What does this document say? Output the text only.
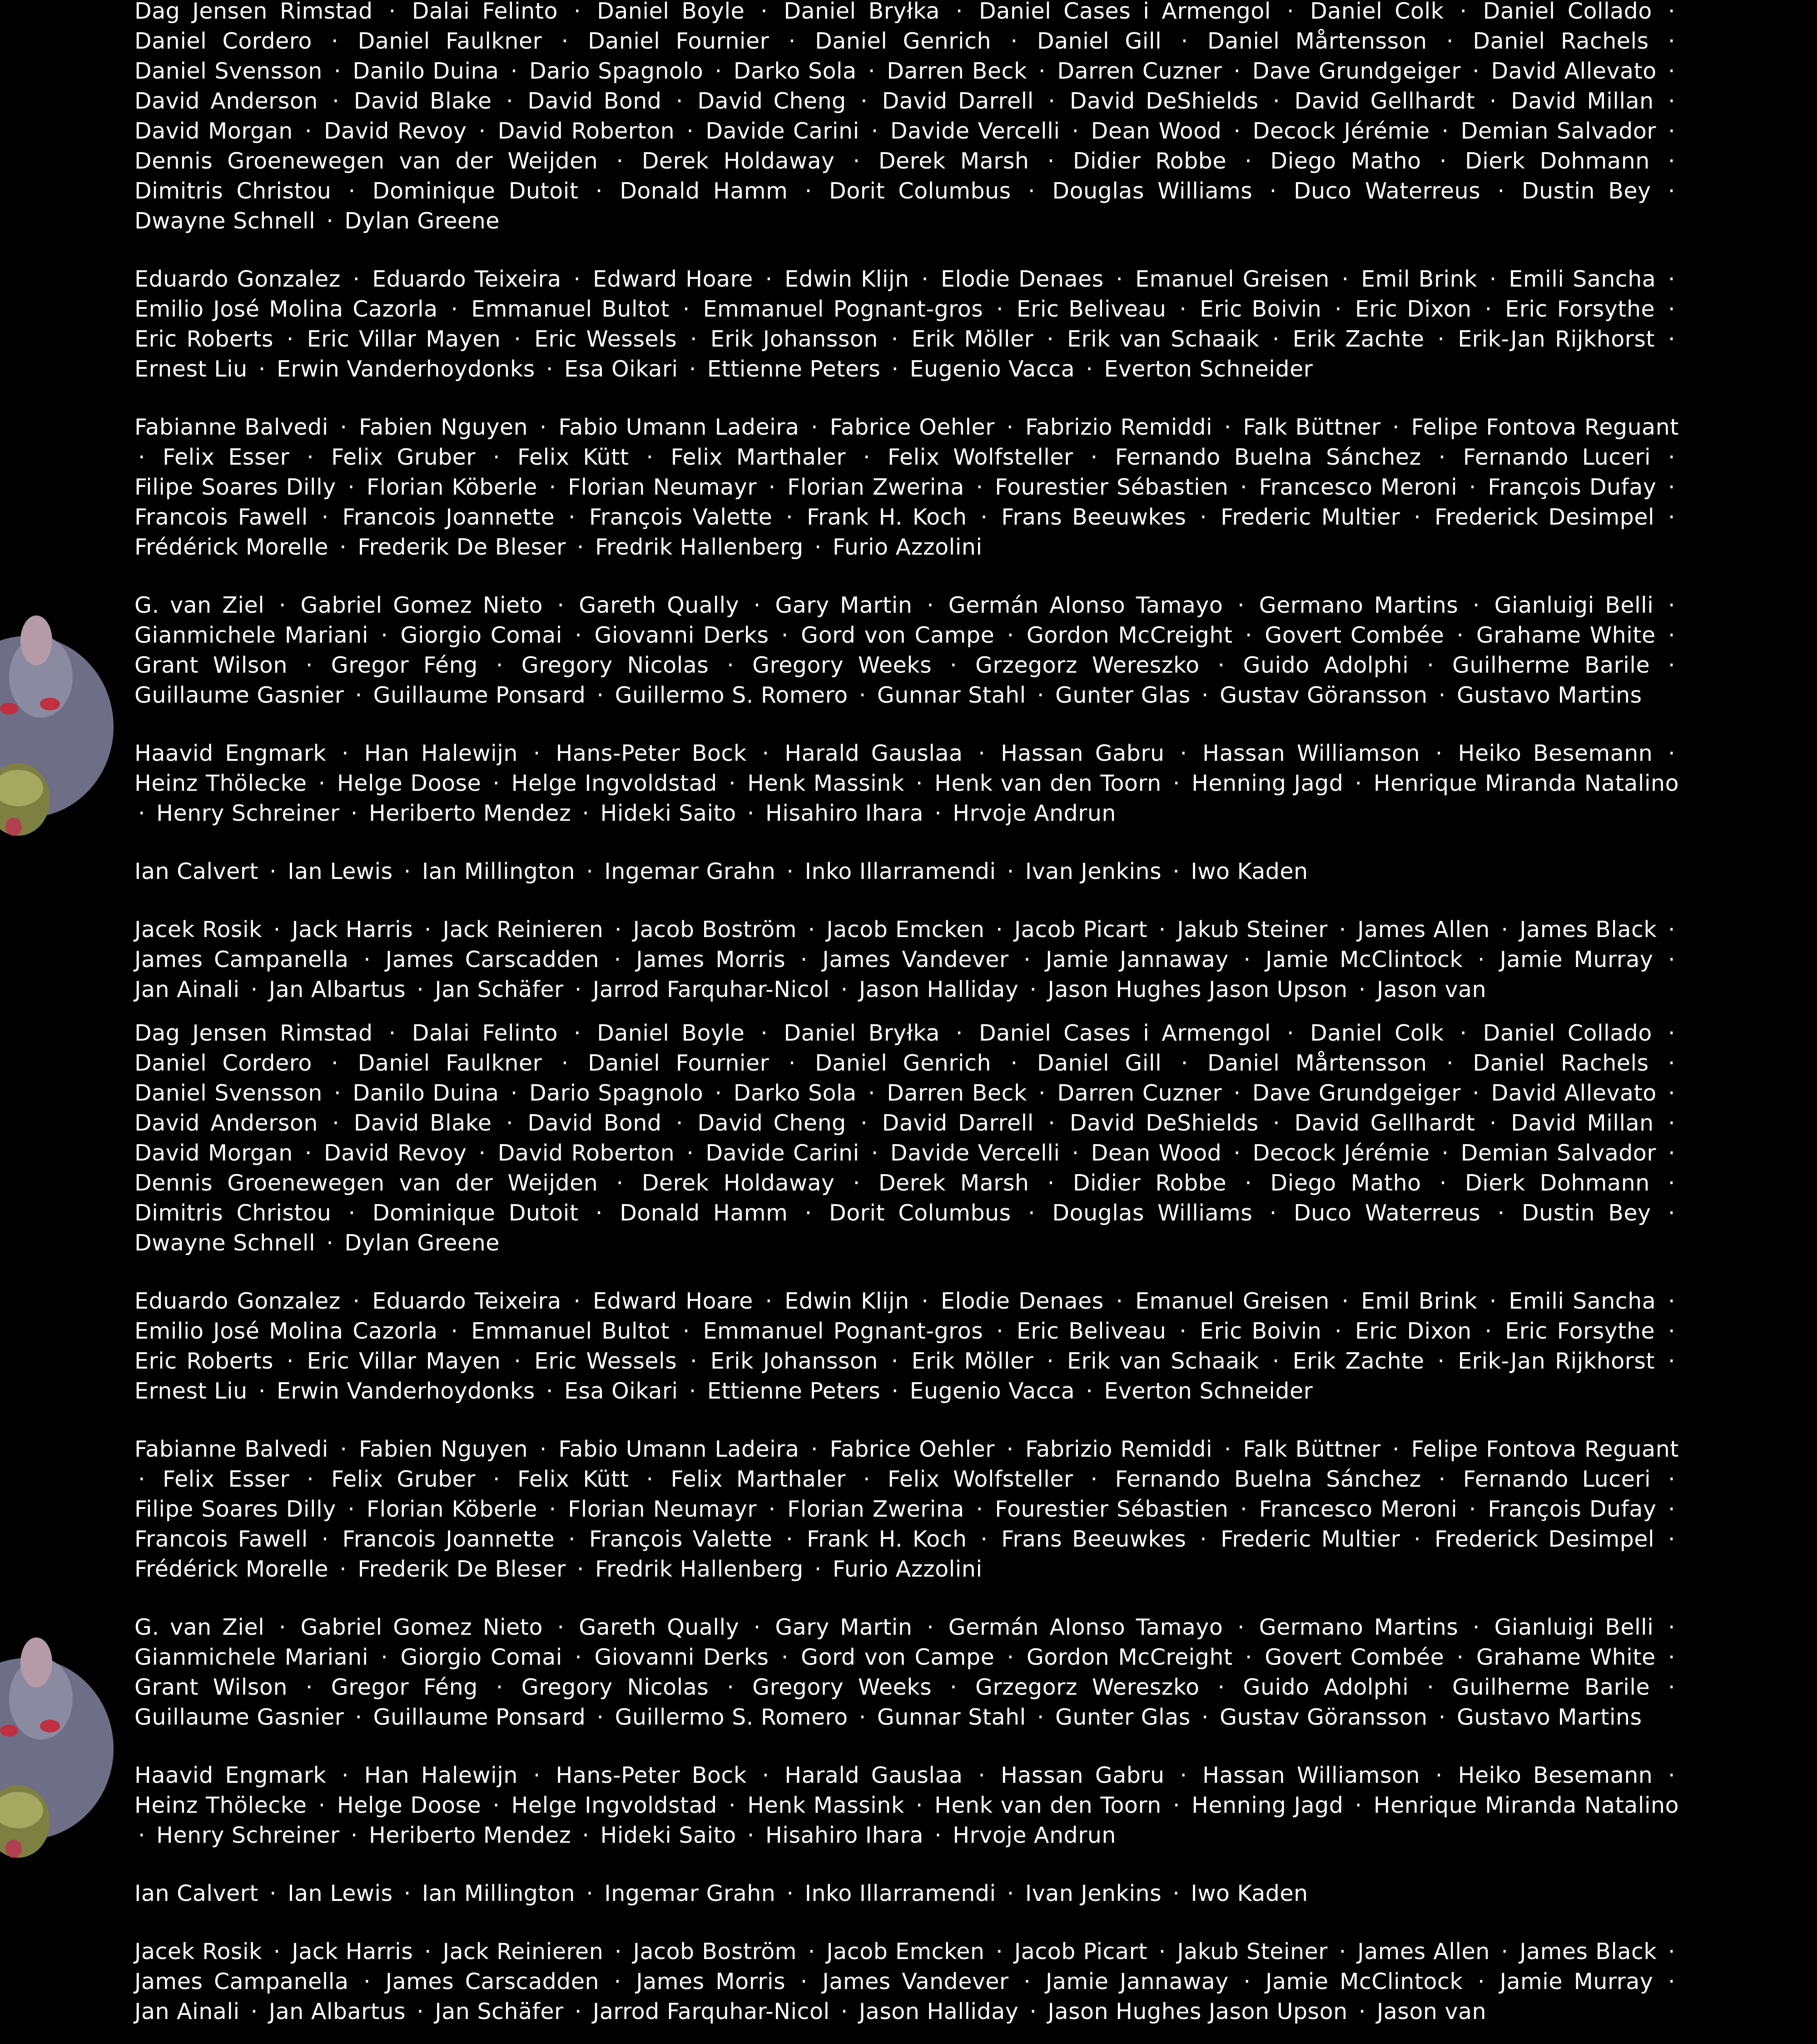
Dag Jensen Rimstad · Dalai Felinto · Daniel Boyle · Daniel Bryłka · Daniel Cases i Armengol · Daniel Colk · Daniel Collado · Daniel Cordero · Daniel Faulkner · Daniel Fournier · Daniel Genrich · Daniel Gill · Daniel Mårtensson · Daniel Rachels · Daniel Svensson · Danilo Duina · Dario Spagnolo · Darko Sola · Darren Beck · Darren Cuzner · Dave Grundgeiger · David Allevato · David Anderson · David Blake · David Bond · David Cheng · David Darrell · David DeShields · David Gellhardt · David Millan · David Morgan · David Revoy · David Roberton · Davide Carini · Davide Vercelli · Dean Wood · Decock Jérémie · Demian Salvador · Dennis Groenewegen van der Weijden · Derek Holdaway · Derek Marsh · Didier Robbe · Diego Matho · Dierk Dohmann · Dimitris Christou · Dominique Dutoit · Donald Hamm · Dorit Columbus · Douglas Williams · Duco Waterreus · Dustin Bey · Dwayne Schnell · Dylan Greene
Eduardo Gonzalez · Eduardo Teixeira · Edward Hoare · Edwin Klijn · Elodie Denaes · Emanuel Greisen · Emil Brink · Emili Sancha · Emilio José Molina Cazorla · Emmanuel Bultot · Emmanuel Pognant-gros · Eric Beliveau · Eric Boivin · Eric Dixon · Eric Forsythe · Eric Roberts · Eric Villar Mayen · Eric Wessels · Erik Johansson · Erik Möller · Erik van Schaaik · Erik Zachte · Erik-Jan Rijkhorst · Ernest Liu · Erwin Vanderhoydonks · Esa Oikari · Ettienne Peters · Eugenio Vacca · Everton Schneider
Fabianne Balvedi · Fabien Nguyen · Fabio Umann Ladeira · Fabrice Oehler · Fabrizio Remiddi · Falk Büttner · Felipe Fontova Reguant · Felix Esser · Felix Gruber · Felix Kütt · Felix Marthaler · Felix Wolfsteller · Fernando Buelna Sánchez · Fernando Luceri · Filipe Soares Dilly · Florian Köberle · Florian Neumayr · Florian Zwerina · Fourestier Sébastien · Francesco Meroni · François Dufay · Francois Fawell · Francois Joannette · François Valette · Frank H. Koch · Frans Beeuwkes · Frederic Multier · Frederick Desimpel · Frédérick Morelle · Frederik De Bleser · Fredrik Hallenberg · Furio Azzolini
G. van Ziel · Gabriel Gomez Nieto · Gareth Qually · Gary Martin · Germán Alonso Tamayo · Germano Martins · Gianluigi Belli · Gianmichele Mariani · Giorgio Comai · Giovanni Derks · Gord von Campe · Gordon McCreight · Govert Combée · Grahame White · Grant Wilson · Gregor Féng · Gregory Nicolas · Gregory Weeks · Grzegorz Wereszko · Guido Adolphi · Guilherme Barile · Guillaume Gasnier · Guillaume Ponsard · Guillermo S. Romero · Gunnar Stahl · Gunter Glas · Gustav Göransson · Gustavo Martins
Haavid Engmark · Han Halewijn · Hans-Peter Bock · Harald Gauslaa · Hassan Gabru · Hassan Williamson · Heiko Besemann · Heinz Thölecke · Helge Doose · Helge Ingvoldstad · Henk Massink · Henk van den Toorn · Henning Jagd · Henrique Miranda Natalino · Henry Schreiner · Heriberto Mendez · Hideki Saito · Hisahiro Ihara · Hrvoje Andrun
Ian Calvert · Ian Lewis · Ian Millington · Ingemar Grahn · Inko Illarramendi · Ivan Jenkins · Iwo Kaden
Jacek Rosik · Jack Harris · Jack Reinieren · Jacob Boström · Jacob Emcken · Jacob Picart · Jakub Steiner · James Allen · James Black · James Campanella · James Carscadden · James Morris · James Vandever · Jamie Jannaway · Jamie McClintock · Jamie Murray · Jan Ainali · Jan Albartus · Jan Schäfer · Jarrod Farquhar-Nicol · Jason Halliday · Jason Hughes Jason Upson · Jason van
Dag Jensen Rimstad · Dalai Felinto · Daniel Boyle · Daniel Bryłka · Daniel Cases i Armengol · Daniel Colk · Daniel Collado · Daniel Cordero · Daniel Faulkner · Daniel Fournier · Daniel Genrich · Daniel Gill · Daniel Mårtensson · Daniel Rachels · Daniel Svensson · Danilo Duina · Dario Spagnolo · Darko Sola · Darren Beck · Darren Cuzner · Dave Grundgeiger · David Allevato · David Anderson · David Blake · David Bond · David Cheng · David Darrell · David DeShields · David Gellhardt · David Millan · David Morgan · David Revoy · David Roberton · Davide Carini · Davide Vercelli · Dean Wood · Decock Jérémie · Demian Salvador · Dennis Groenewegen van der Weijden · Derek Holdaway · Derek Marsh · Didier Robbe · Diego Matho · Dierk Dohmann · Dimitris Christou · Dominique Dutoit · Donald Hamm · Dorit Columbus · Douglas Williams · Duco Waterreus · Dustin Bey · Dwayne Schnell · Dylan Greene
Eduardo Gonzalez · Eduardo Teixeira · Edward Hoare · Edwin Klijn · Elodie Denaes · Emanuel Greisen · Emil Brink · Emili Sancha · Emilio José Molina Cazorla · Emmanuel Bultot · Emmanuel Pognant-gros · Eric Beliveau · Eric Boivin · Eric Dixon · Eric Forsythe · Eric Roberts · Eric Villar Mayen · Eric Wessels · Erik Johansson · Erik Möller · Erik van Schaaik · Erik Zachte · Erik-Jan Rijkhorst · Ernest Liu · Erwin Vanderhoydonks · Esa Oikari · Ettienne Peters · Eugenio Vacca · Everton Schneider
Fabianne Balvedi · Fabien Nguyen · Fabio Umann Ladeira · Fabrice Oehler · Fabrizio Remiddi · Falk Büttner · Felipe Fontova Reguant · Felix Esser · Felix Gruber · Felix Kütt · Felix Marthaler · Felix Wolfsteller · Fernando Buelna Sánchez · Fernando Luceri · Filipe Soares Dilly · Florian Köberle · Florian Neumayr · Florian Zwerina · Fourestier Sébastien · Francesco Meroni · François Dufay · Francois Fawell · Francois Joannette · François Valette · Frank H. Koch · Frans Beeuwkes · Frederic Multier · Frederick Desimpel · Frédérick Morelle · Frederik De Bleser · Fredrik Hallenberg · Furio Azzolini
G. van Ziel · Gabriel Gomez Nieto · Gareth Qually · Gary Martin · Germán Alonso Tamayo · Germano Martins · Gianluigi Belli · Gianmichele Mariani · Giorgio Comai · Giovanni Derks · Gord von Campe · Gordon McCreight · Govert Combée · Grahame White · Grant Wilson · Gregor Féng · Gregory Nicolas · Gregory Weeks · Grzegorz Wereszko · Guido Adolphi · Guilherme Barile · Guillaume Gasnier · Guillaume Ponsard · Guillermo S. Romero · Gunnar Stahl · Gunter Glas · Gustav Göransson · Gustavo Martins
Haavid Engmark · Han Halewijn · Hans-Peter Bock · Harald Gauslaa · Hassan Gabru · Hassan Williamson · Heiko Besemann · Heinz Thölecke · Helge Doose · Helge Ingvoldstad · Henk Massink · Henk van den Toorn · Henning Jagd · Henrique Miranda Natalino · Henry Schreiner · Heriberto Mendez · Hideki Saito · Hisahiro Ihara · Hrvoje Andrun
Ian Calvert · Ian Lewis · Ian Millington · Ingemar Grahn · Inko Illarramendi · Ivan Jenkins · Iwo Kaden
Jacek Rosik · Jack Harris · Jack Reinieren · Jacob Boström · Jacob Emcken · Jacob Picart · Jakub Steiner · James Allen · James Black · James Campanella · James Carscadden · James Morris · James Vandever · Jamie Jannaway · Jamie McClintock · Jamie Murray · Jan Ainali · Jan Albartus · Jan Schäfer · Jarrod Farquhar-Nicol · Jason Halliday · Jason Hughes Jason Upson · Jason van
